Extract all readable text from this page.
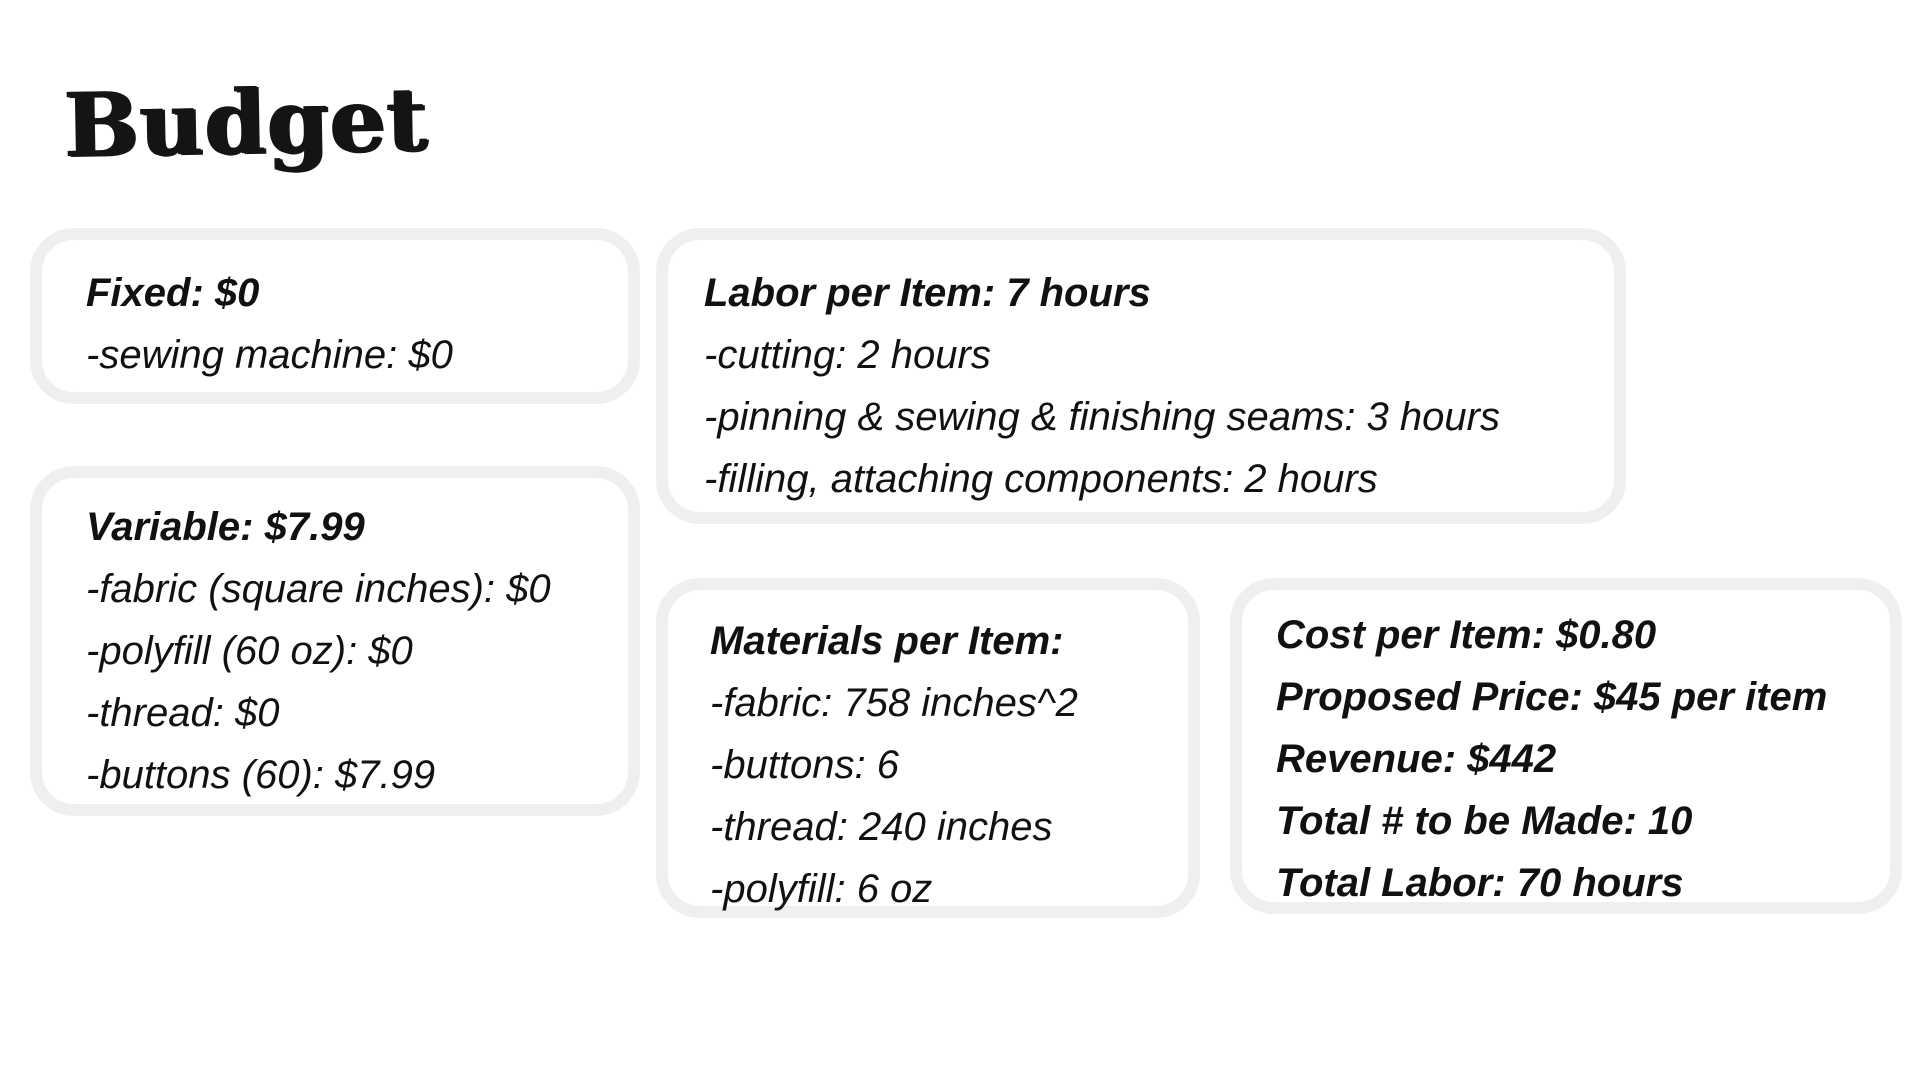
Budget
Fixed: $0
-sewing machine: $0
Variable: $7.99
-fabric (square inches): $0
-polyfill (60 oz): $0
-thread: $0
-buttons (60): $7.99
Labor per Item: 7 hours
-cutting: 2 hours
-pinning & sewing & finishing seams: 3 hours
-filling, attaching components: 2 hours
Materials per Item:
-fabric: 758 inches^2
-buttons: 6
-thread: 240 inches
-polyfill: 6 oz
Cost per Item: $0.80
Proposed Price: $45 per item
Revenue: $442
Total # to be Made: 10
Total Labor: 70 hours
